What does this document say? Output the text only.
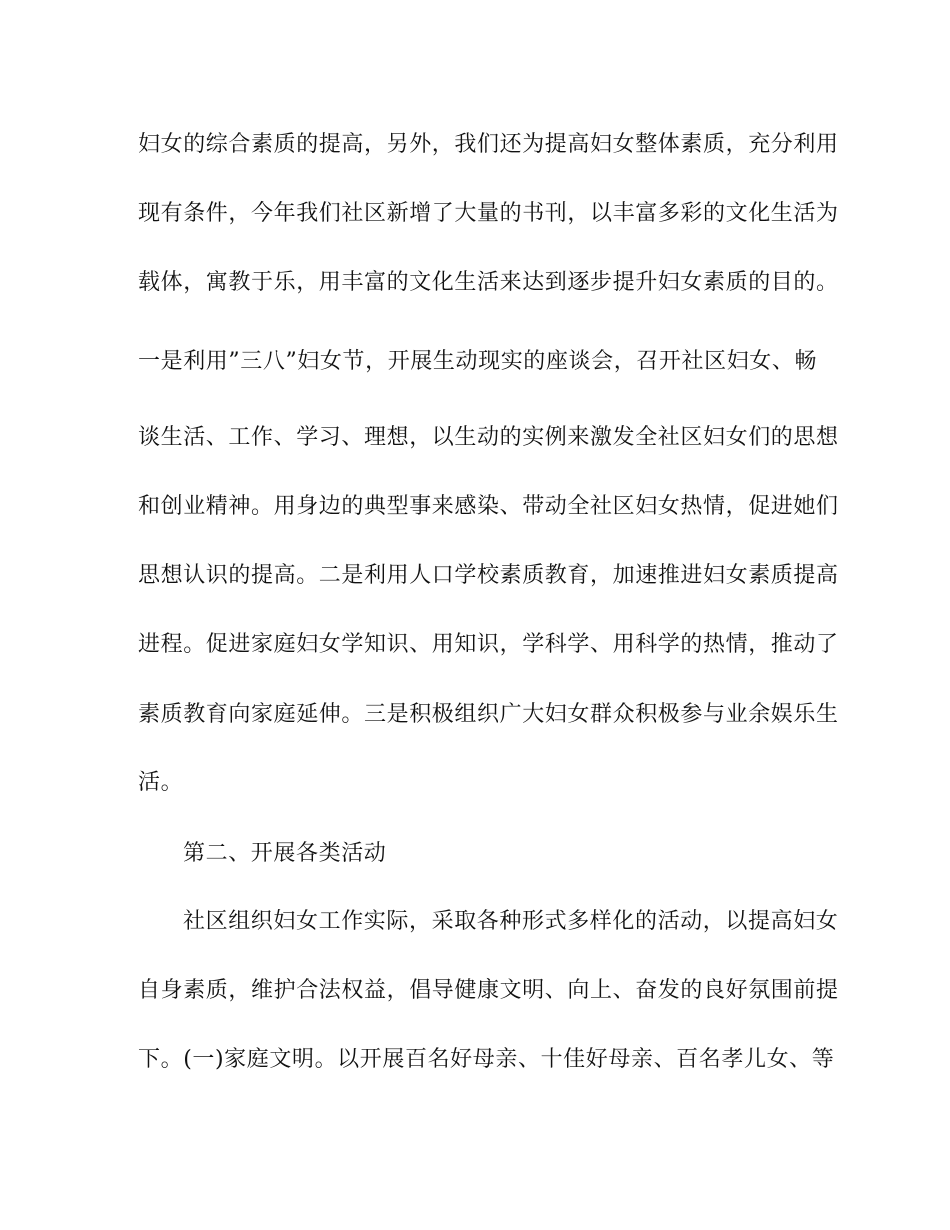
妇女的综合素质的提高，另外，我们还为提高妇女整体素质，充分利用
现有条件，今年我们社区新增了大量的书刊，以丰富多彩的文化生活为
载体，寓教于乐，用丰富的文化生活来达到逐步提升妇女素质的目的。
一是利用”三八”妇女节，开展生动现实的座谈会，召开社区妇女、畅
谈生活、工作、学习、理想，以生动的实例来激发全社区妇女们的思想
和创业精神。用身边的典型事来感染、带动全社区妇女热情，促进她们
思想认识的提高。二是利用人口学校素质教育，加速推进妇女素质提高
进程。促进家庭妇女学知识、用知识，学科学、用科学的热情，推动了
素质教育向家庭延伸。三是积极组织广大妇女群众积极参与业余娱乐生
活。
第二、开展各类活动
社区组织妇女工作实际，采取各种形式多样化的活动，以提高妇女
自身素质，维护合法权益，倡导健康文明、向上、奋发的良好氛围前提
下。(一)家庭文明。以开展百名好母亲、十佳好母亲、百名孝儿女、等
